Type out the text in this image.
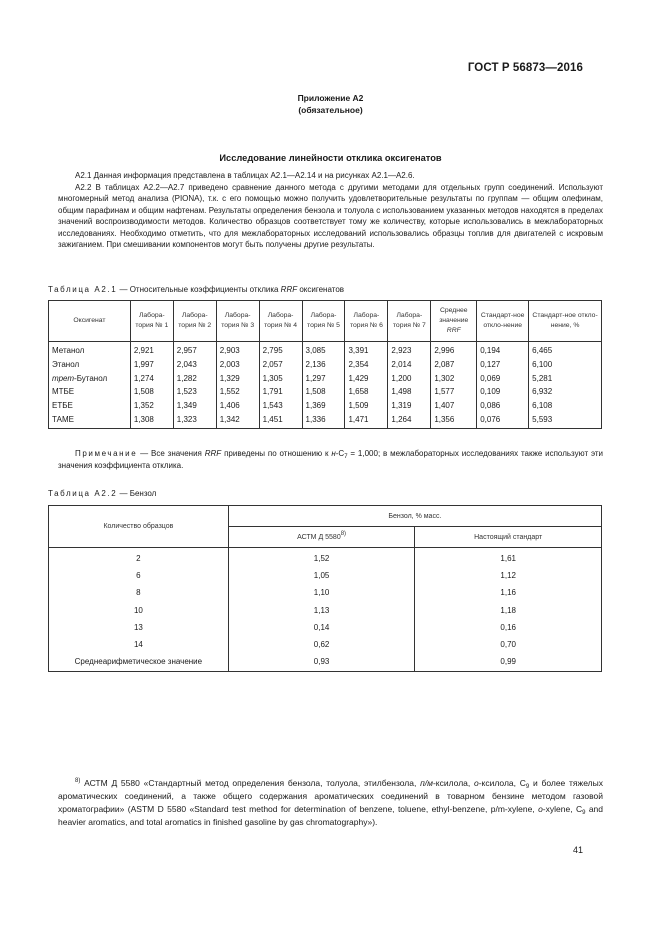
ГОСТ Р 56873—2016
Приложение А2
(обязательное)
Исследование линейности отклика оксигенатов

А2.1 Данная информация представлена в таблицах А2.1—А2.14 и на рисунках А2.1—А2.6.

А2.2 В таблицах А2.2—А2.7 приведено сравнение данного метода с другими методами для отдельных групп соединений. Используют многомерный метод анализа (PIONA), т.к. с его помощью можно получить удовлетворительные результаты по группам — общим олефинам, общим парафинам и общим нафтенам. Результаты определения бензола и толуола с использованием указанных методов находятся в пределах значений воспроизводимости методов. Количество образцов соответствует тому же количеству, которые использовались в межлабораторных исследованиях. Необходимо отметить, что для межлабораторных исследований использовались образцы топлив для двигателей с искровым зажиганием. При смешивании компонентов могут быть получены другие результаты.

Таблица А2.1 — Относительные коэффициенты отклика RRF оксигенатов
Оксигенат	Лабора-тория № 1	Лабора-тория № 2	Лабора-тория № 3	Лабора-тория № 4	Лабора-тория № 5	Лабора-тория № 6	Лабора-тория № 7	Среднее значение
RRF	Стандарт-ное откло-нение	Стандарт-ное откло-нение, %
Метанол	2,921	2,957	2,903	2,795	3,085	3,391	2,923	2,996	0,194	6,465
Этанол	1,997	2,043	2,003	2,057	2,136	2,354	2,014	2,087	0,127	6,100
трет-Бутанол	1,274	1,282	1,329	1,305	1,297	1,429	1,200	1,302	0,069	5,281
МТБЕ	1,508	1,523	1,552	1,791	1,508	1,658	1,498	1,577	0,109	6,932
ЕТБЕ	1,352	1,349	1,406	1,543	1,369	1,509	1,319	1,407	0,086	6,108
ТАМЕ	1,308	1,323	1,342	1,451	1,336	1,471	1,264	1,356	0,076	5,593
Примечание — Все значения RRF приведены по отношению к $н-С_7 = 1,000$; в межлабораторных исследованиях также используют эти значения коэффициента отклика.
Таблица А2.2 — Бензол
Количество образцов	Бензол, % масс.	
	АСТМ Д 5580$^{8)}$	Настоящий стандарт
2	1,52	1,61
6	1,05	1,12
8	1,10	1,16
10	1,13	1,18
13	0,14	0,16
14	0,62	0,70
Среднеарифметическое значение	0,93	0,99
$^{8)}$ АСТМ Д 5580 «Стандартный метод определения бензола, толуола, этилбензола, п/м-ксилола, о-ксилола, $С_9$ и более тяжелых ароматических соединений, а также общего содержания ароматических соединений в товарном бензине методом газовой хроматографии» (ASTM D 5580 «Standard test method for determination of benzene, toluene, ethyl-benzene, p/m-xylene, o-xylene, $C_9$ and heavier aromatics, and total aromatics in finished gasoline by gas chromatography»).
41
